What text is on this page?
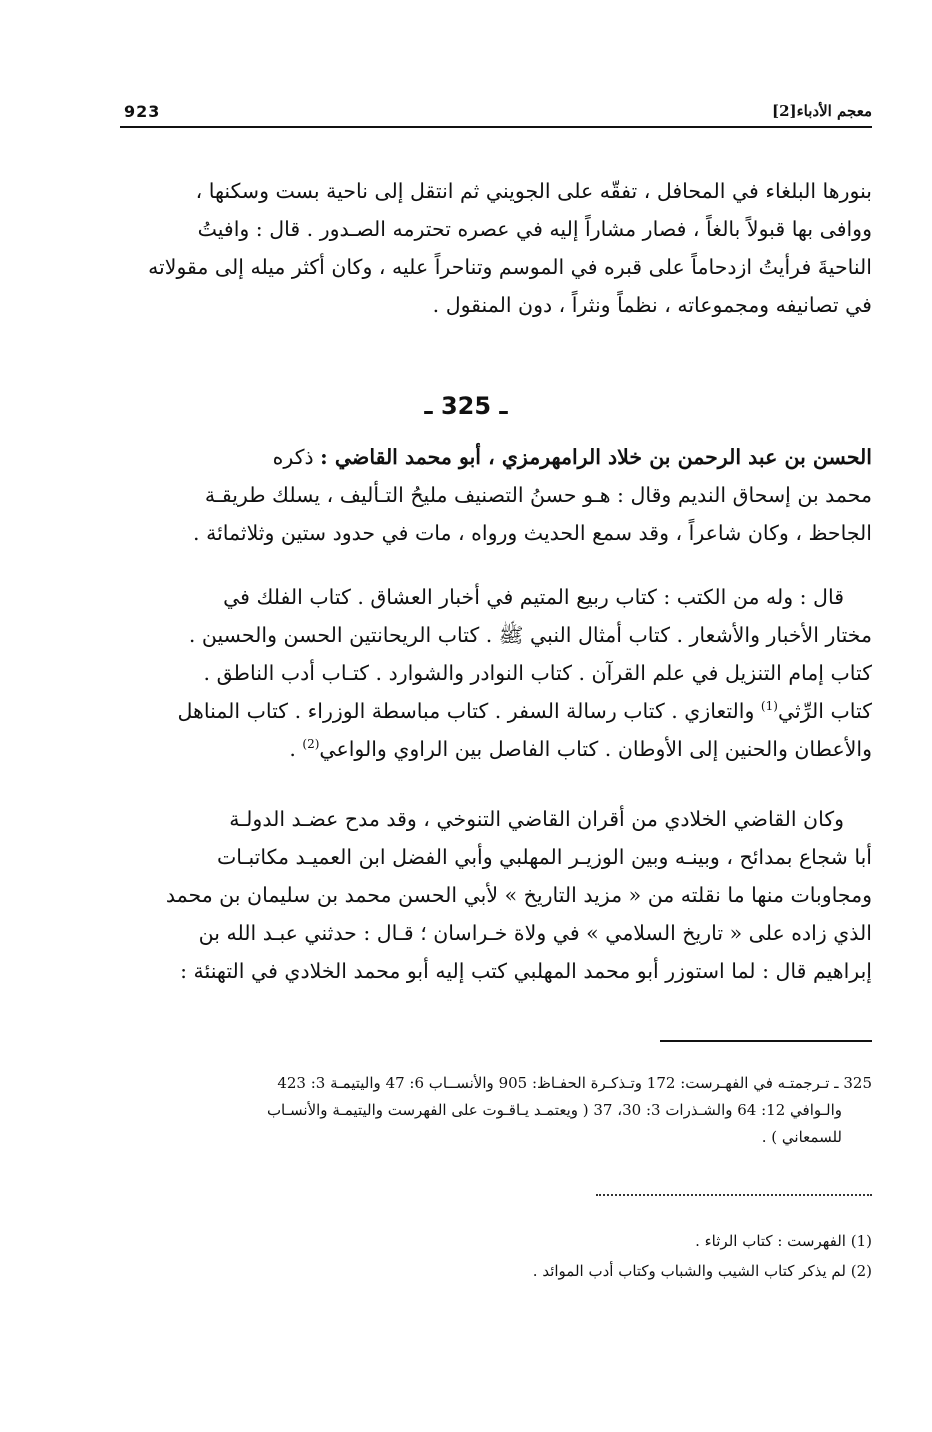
معجم الأدباء[2]
923

بنورها البلغاء في المحافل ، تفقّه على الجويني ثم انتقل إلى ناحية بست وسكنها ،

ووافى بها قبولاً بالغاً ، فصار مشاراً إليه في عصره تحترمه الصـدور . قال : وافيتُ

الناحيةَ فرأيتُ ازدحاماً على قبره في الموسم وتناحراً عليه ، وكان أكثر ميله إلى مقولاته

في تصانيفه ومجموعاته ، نظماً ونثراً ، دون المنقول .

ـ 325 ـ

الحسن بن عبد الرحمن بن خلاد الرامهرمزي ، أبو محمد القاضي : ذكره

محمد بن إسحاق النديم وقال : هـو حسنُ التصنيف مليحُ التـأليف ، يسلك طريقـة

الجاحظ ، وكان شاعراً ، وقد سمع الحديث ورواه ، مات في حدود ستين وثلاثمائة .

قال : وله من الكتب : كتاب ربيع المتيم في أخبار العشاق . كتاب الفلك في

مختار الأخبار والأشعار . كتاب أمثال النبي ﷺ . كتاب الريحانتين الحسن والحسين .

كتاب إمام التنزيل في علم القرآن . كتاب النوادر والشوارد . كتـاب أدب الناطق .

كتاب الرِّثي$^{(1)}$ والتعازي . كتاب رسالة السفر . كتاب مباسطة الوزراء . كتاب المناهل

والأعطان والحنين إلى الأوطان . كتاب الفاصل بين الراوي والواعي$^{(2)}$ .

وكان القاضي الخلادي من أقران القاضي التنوخي ، وقد مدح عضـد الدولـة

أبا شجاع بمدائح ، وبينـه وبين الوزيـر المهلبي وأبي الفضل ابن العميـد مكاتبـات

ومجاوبات منها ما نقلته من « مزيد التاريخ » لأبي الحسن محمد بن سليمان بن محمد

الذي زاده على « تاريخ السلامي » في ولاة خـراسان ؛ قـال : حدثني عبـد الله بن

إبراهيم قال : لما استوزر أبو محمد المهلبي كتب إليه أبو محمد الخلادي في التهنئة :

325 ـ تـرجمتـه في الفهـرست: 172 وتـذكـرة الحفـاظ: 905 والأنســاب 6: 47 واليتيمـة 3: 423

والـوافي 12: 64 والشـذرات 3: 30، 37 ( ويعتمـد يـاقـوت على الفهرست واليتيمـة والأنسـاب

للسمعاني ) .

(1) الفهرست : كتاب الرثاء .

(2) لم يذكر كتاب الشيب والشباب وكتاب أدب الموائد .
